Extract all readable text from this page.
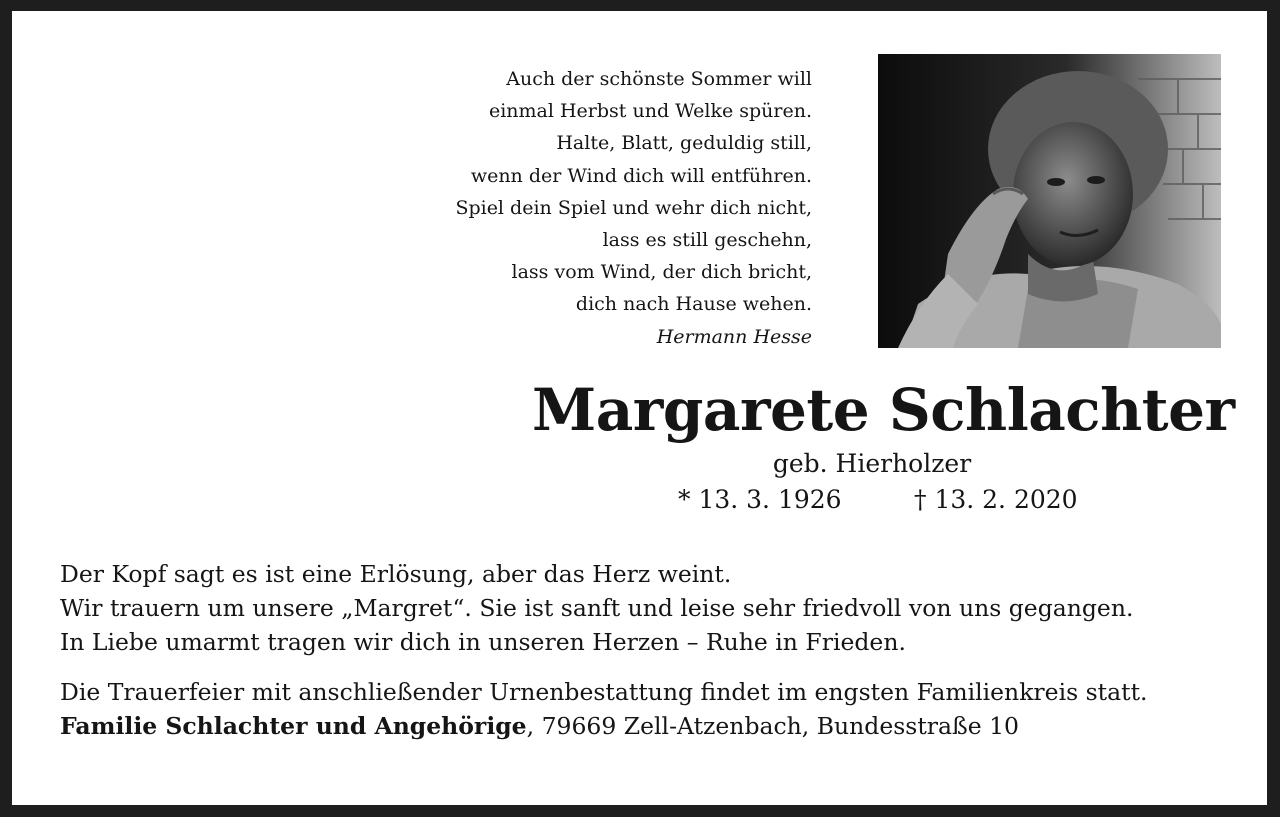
Auch der schönste Sommer will
einmal Herbst und Welke spüren.
Halte, Blatt, geduldig still,
wenn der Wind dich will entführen.
Spiel dein Spiel und wehr dich nicht,
lass es still geschehn,
lass vom Wind, der dich bricht,
dich nach Hause wehen.
Hermann Hesse
Margarete Schlachter
geb. Hierholzer
* 13. 3. 1926	† 13. 2. 2020
Der Kopf sagt es ist eine Erlösung, aber das Herz weint.
Wir trauern um unsere „Margret“. Sie ist sanft und leise sehr friedvoll von uns gegangen.
In Liebe umarmt tragen wir dich in unseren Herzen – Ruhe in Frieden.
Die Trauerfeier mit anschließender Urnenbestattung findet im engsten Familienkreis statt.
Familie Schlachter und Angehörige, 79669 Zell-Atzenbach, Bundesstraße 10
